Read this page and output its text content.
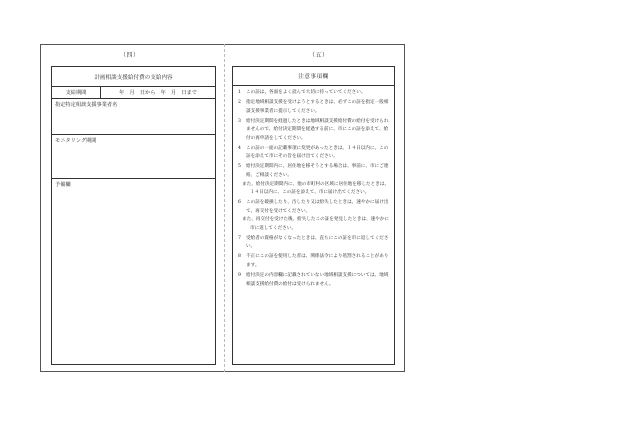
（四）	（五）
計画相談支援給付費の支給内容
支給期間	年　月　日から　年　月　日まで
指定特定相談支援事業者名
モニタリング期間
予備欄
注意事項欄
1 この証は、各面をよく読んで大切に持っていてください。
2 指定地域相談支援を受けようとするときは、必ずこの証を指定一般相談支援事業者に提示してください。
3 給付決定期間を経過したときは地域相談支援給付費の給付を受けられませんので、給付決定期間を経過する前に、市にこの証を添えて、給付の再申請をしてください。
4 この証の一面の記載事項に変更があったときは、１４日以内に、この証を添えて市にその旨を届け出てください。
5 給付決定期間内に、居住地を移そうとする場合は、事前に、市にご連絡、ご相談ください。
また、給付決定期間内に、他の市町村の区域に居住地を移したときは、１４日以内に、この証を添えて、市に届け出てください。
6 この証を破損したり、汚したり又は紛失したときは、速やかに届け出て、再交付を受けてください。
また、再交付を受けた後、紛失したこの証を発見したときは、速やかに市に返してください。
7 受給者の資格がなくなったときは、直ちにこの証を市に返してください。
8 不正にこの証を使用した者は、関係法令により処罰されることがあります。
9 給付決定の内容欄に記載されていない地域相談支援については、地域相談支援給付費の給付は受けられません。
